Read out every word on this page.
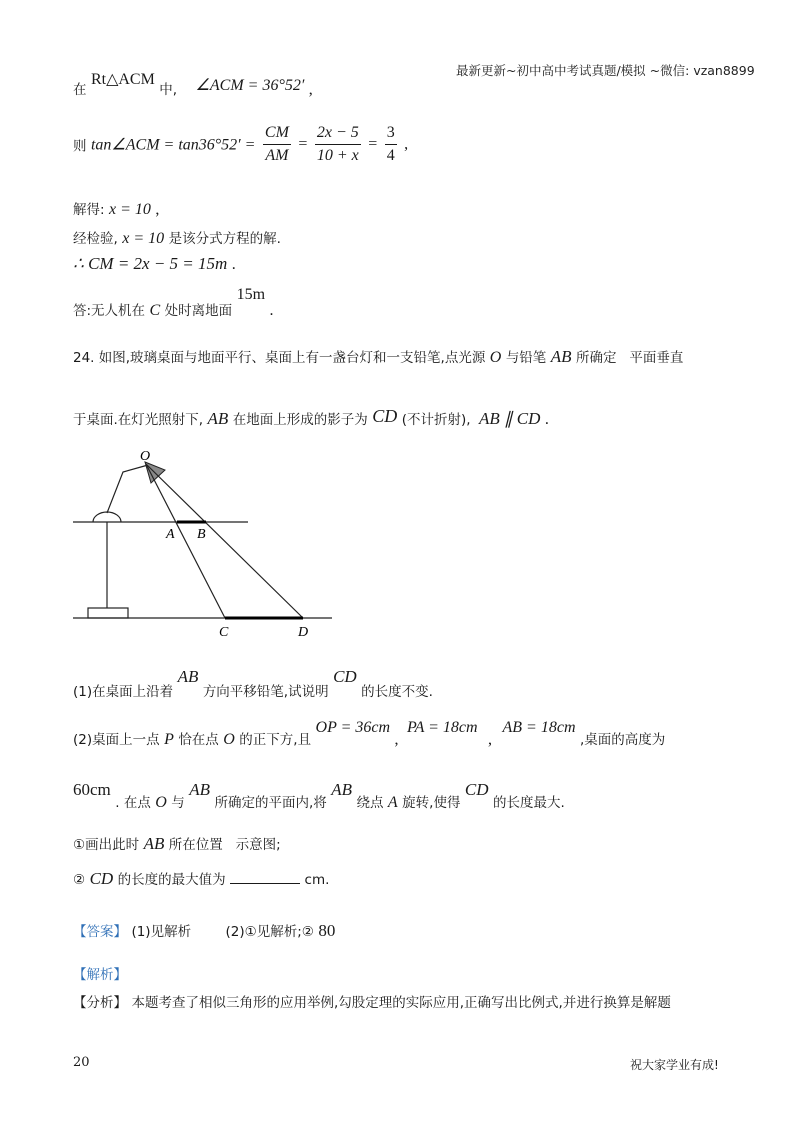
最新更新~初中高中考试真题/模拟 ~微信: vzan8899
在 Rt△ACM 中, ∠ACM = 36°52′ ,
则 tan∠ACM = $\tan 36^\circ 52' = \frac{CM}{AM} = \frac{2x - 5}{10 + x} = \frac{3}{4}$ ,
解得: x = 10 ,
经检验, x = 10 是该分式方程的解.
∴ CM = 2x − 5 = 15m .
答:无人机在 C 处时离地面 15m .
24. 如图,玻璃桌面与地面平行、桌面上有一盏台灯和一支铅笔,点光源 O 与铅笔 AB 所确定   平面垂直
于桌面.在灯光照射下, AB 在地面上形成的影子为 CD (不计折射), AB ∥ CD .
O
A B
C	D
(1)在桌面上沿着 AB 方向平移铅笔,试说明 CD 的长度不变.
(2)桌面上一点 P 恰在点 O 的正下方,且 OP = 36cm , PA = 18cm , AB = 18cm ,桌面的高度为
60cm . 在点 O 与 AB 所确定的平面内,将 AB 绕点 A 旋转,使得 CD 的长度最大.
①画出此时 AB 所在位置   示意图;
② CD 的长度的最大值为	cm.
【答案】 (1)见解析	(2)①见解析;② 80
【解析】
【分析】 本题考查了相似三角形的应用举例,勾股定理的实际应用,正确写出比例式,并进行换算是解题
20	祝大家学业有成!
